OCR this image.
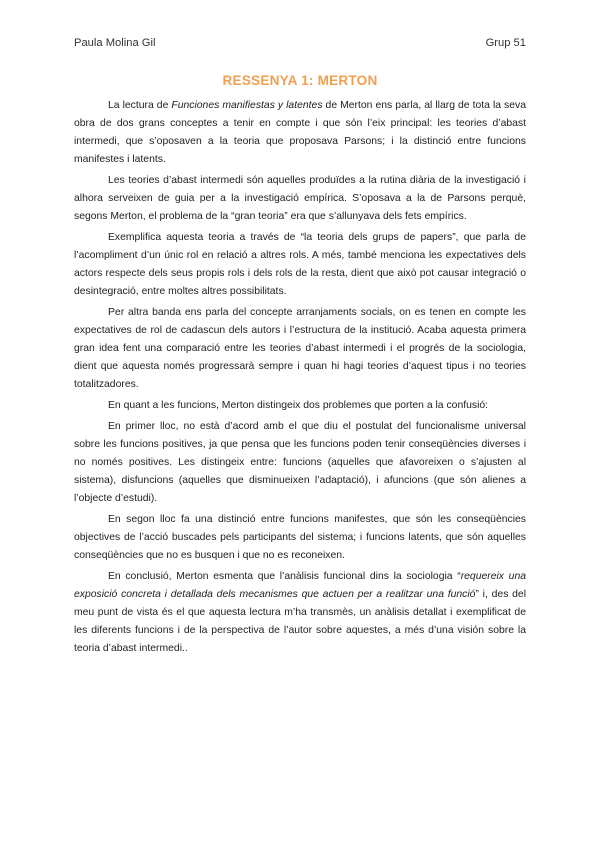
Paula Molina Gil	Grup 51
RESSENYA 1: MERTON

La lectura de Funciones manifiestas y latentes de Merton ens parla, al llarg de tota la seva obra de dos grans conceptes a tenir en compte i que són l’eix principal: les teories d’abast intermedi, que s’oposaven a la teoria que proposava Parsons; i la distinció entre funcions manifestes i latents.

Les teories d’abast intermedi són aquelles produïdes a la rutina diària de la investigació i alhora serveixen de guia per a la investigació empírica. S’oposava a la de Parsons perquè, segons Merton, el problema de la “gran teoria” era que s’allunyava dels fets empírics.

Exemplifica aquesta teoria a través de “la teoria dels grups de papers”, que parla de l’acompliment d’un únic rol en relació a altres rols. A més, també menciona les expectatives dels actors respecte dels seus propis rols i dels rols de la resta, dient que això pot causar integració o desintegració, entre moltes altres possibilitats.

Per altra banda ens parla del concepte arranjaments socials, on es tenen en compte les expectatives de rol de cadascun dels autors i l’estructura de la institució. Acaba aquesta primera gran idea fent una comparació entre les teories d’abast intermedi i el progrés de la sociologia, dient que aquesta només progressarà sempre i quan hi hagi teories d’aquest tipus i no teories totalitzadores.

En quant a les funcions, Merton distingeix dos problemes que porten a la confusió:

En primer lloc, no està d’acord amb el que diu el postulat del funcionalisme universal sobre les funcions positives, ja que pensa que les funcions poden tenir conseqüències diverses i no només positives. Les distingeix entre: funcions (aquelles que afavoreixen o s’ajusten al sistema), disfuncions (aquelles que disminueixen l’adaptació), i afuncions (que són alienes a l’objecte d’estudi).

En segon lloc fa una distinció entre funcions manifestes, que són les conseqüències objectives de l’acció buscades pels participants del sistema; i funcions latents, que són aquelles conseqüències que no es busquen i que no es reconeixen.

En conclusió, Merton esmenta que l’anàlisis funcional dins la sociologia “requereix una exposició concreta i detallada dels mecanismes que actuen per a realitzar una funció” i, des del meu punt de vista és el que aquesta lectura m’ha transmès, un anàlisis detallat i exemplificat de les diferents funcions i de la perspectiva de l’autor sobre aquestes, a més d’una visión sobre la teoria d’abast intermedi..
